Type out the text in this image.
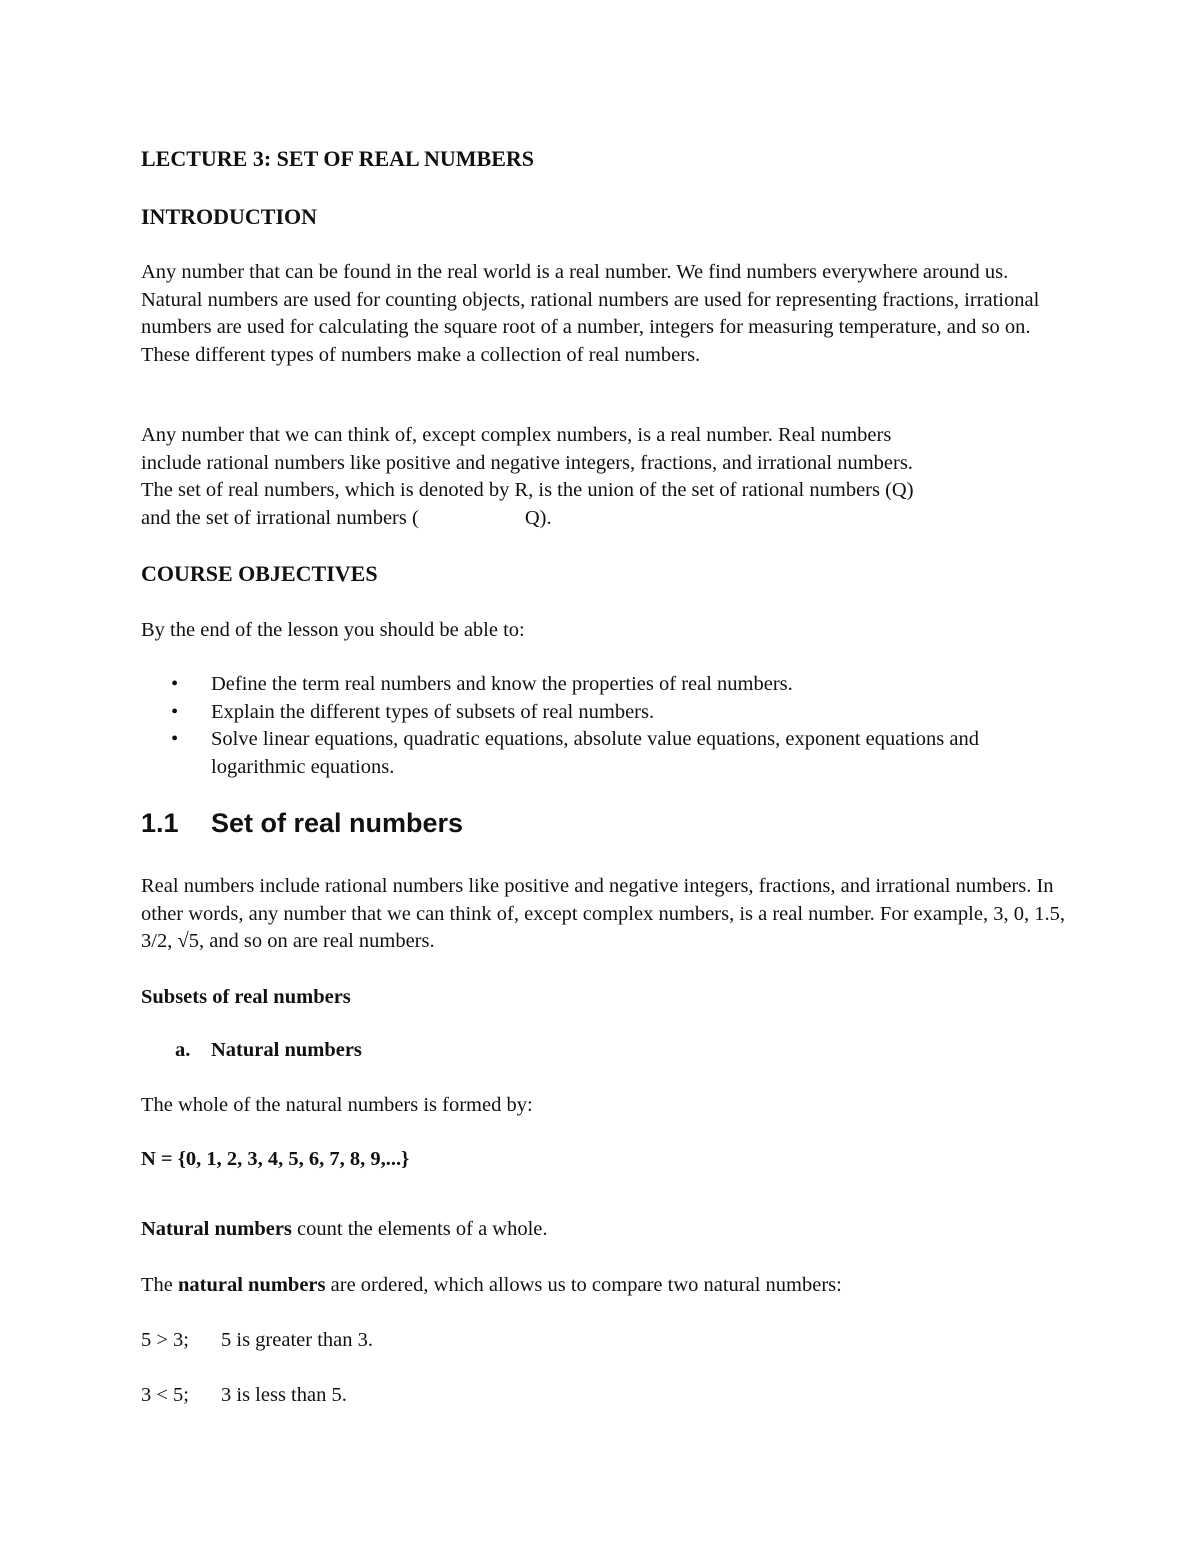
LECTURE 3: SET OF REAL NUMBERS
INTRODUCTION

Any number that can be found in the real world is a real number. We find numbers everywhere around us. Natural numbers are used for counting objects, rational numbers are used for representing fractions, irrational numbers are used for calculating the square root of a number, integers for measuring temperature, and so on. These different types of numbers make a collection of real numbers.

Any number that we can think of, except complex numbers, is a real number. Real numbers
include rational numbers like positive and negative integers, fractions, and irrational numbers.
The set of real numbers, which is denoted by R, is the union of the set of rational numbers (Q)
and the set of irrational numbers (	Q).
COURSE OBJECTIVES

By the end of the lesson you should be able to:

• Define the term real numbers and know the properties of real numbers.
• Explain the different types of subsets of real numbers.
• Solve linear equations, quadratic equations, absolute value equations, exponent equations and logarithmic equations.
1.1 Set of real numbers

Real numbers include rational numbers like positive and negative integers, fractions, and irrational numbers. In other words, any number that we can think of, except complex numbers, is a real number. For example, 3, 0, 1.5, 3/2, √5, and so on are real numbers.

Subsets of real numbers
a. Natural numbers
The whole of the natural numbers is formed by:
N = {0, 1, 2, 3, 4, 5, 6, 7, 8, 9,...}
Natural numbers count the elements of a whole.
The natural numbers are ordered, which allows us to compare two natural numbers:
5 > 3; 5 is greater than 3.
3 < 5; 3 is less than 5.
